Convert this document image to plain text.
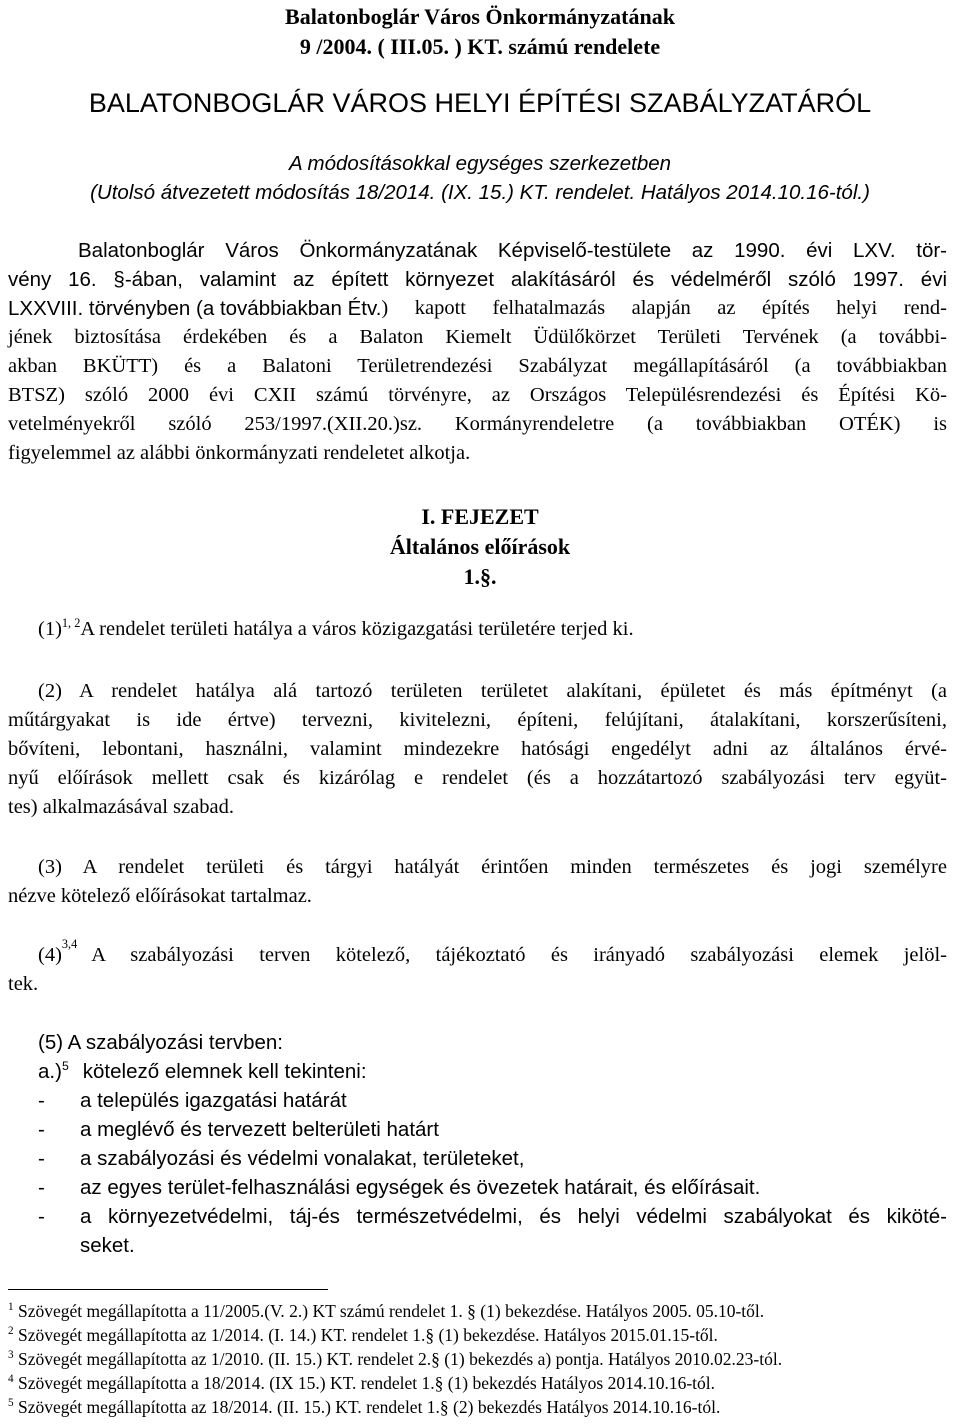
Balatonboglár Város Önkormányzatának
9 /2004. ( III.05. ) KT. számú rendelete
BALATONBOGLÁR VÁROS HELYI ÉPÍTÉSI SZABÁLYZATÁRÓL
A módosításokkal egységes szerkezetben
(Utolsó átvezetett módosítás 18/2014. (IX. 15.) KT. rendelet. Hatályos 2014.10.16-tól.)
Balatonboglár Város Önkormányzatának Képviselő-testülete az 1990. évi LXV. tör-
vény 16. §-ában, valamint az épített környezet alakításáról és védelméről szóló 1997. évi
LXXVIII. törvényben (a továbbiakban Étv. ) kapott felhatalmazás alapján az építés helyi rend-
jének biztosítása érdekében és a Balaton Kiemelt Üdülőkörzet Területi Tervének (a további-
akban BKÜTT) és a Balatoni Területrendezési Szabályzat megállapításáról (a továbbiakban
BTSZ) szóló 2000 évi CXII számú törvényre, az Országos Településrendezési és Építési Kö-
vetelményekről szóló 253/1997.(XII.20.)sz. Kormányrendeletre (a továbbiakban OTÉK) is
figyelemmel az alábbi önkormányzati rendeletet alkotja.
I. FEJEZET
Általános előírások
1.§.
$(1)^{1, 2}A$ rendelet területi hatálya a város közigazgatási területére terjed ki.
(2) A rendelet hatálya alá tartozó területen területet alakítani, épületet és más építményt (a
műtárgyakat is ide értve) tervezni, kivitelezni, építeni, felújítani, átalakítani, korszerűsíteni,
bővíteni, lebontani, használni, valamint mindezekre hatósági engedélyt adni az általános érvé-
nyű előírások mellett csak és kizárólag e rendelet (és a hozzátartozó szabályozási terv együt-
tes) alkalmazásával szabad.
(3) A rendelet területi és tárgyi hatályát érintően minden természetes és jogi személyre
nézve kötelező előírásokat tartalmaz.
(4) 3,4 A szabályozási terven kötelező, tájékoztató és irányadó szabályozási elemek jelöl-
tek.
(5) A szabályozási tervben:
a.)$^5$ kötelező elemnek kell tekinteni:
- a település igazgatási határát
- a meglévő és tervezett belterületi határt
- a szabályozási és védelmi vonalakat, területeket,
- az egyes terület-felhasználási egységek és övezetek határait, és előírásait.
- a környezetvédelmi, táj-és természetvédelmi, és helyi védelmi szabályokat és kiköté-
seket.
$^1$ Szövegét megállapította a 11/2005.(V. 2.) KT számú rendelet 1. § (1) bekezdése. Hatályos 2005. 05.10-től.
$^2$ Szövegét megállapította az 1/2014. (I. 14.) KT. rendelet 1.§ (1) bekezdése. Hatályos 2015.01.15-től.
$^3$ Szövegét megállapította az 1/2010. (II. 15.) KT. rendelet 2.§ (1) bekezdés a) pontja. Hatályos 2010.02.23-tól.
$^4$ Szövegét megállapította a 18/2014. (IX 15.) KT. rendelet 1.§ (1) bekezdés Hatályos 2014.10.16-tól.
$^5$ Szövegét megállapította az 18/2014. (II. 15.) KT. rendelet 1.§ (2) bekezdés Hatályos 2014.10.16-tól.
